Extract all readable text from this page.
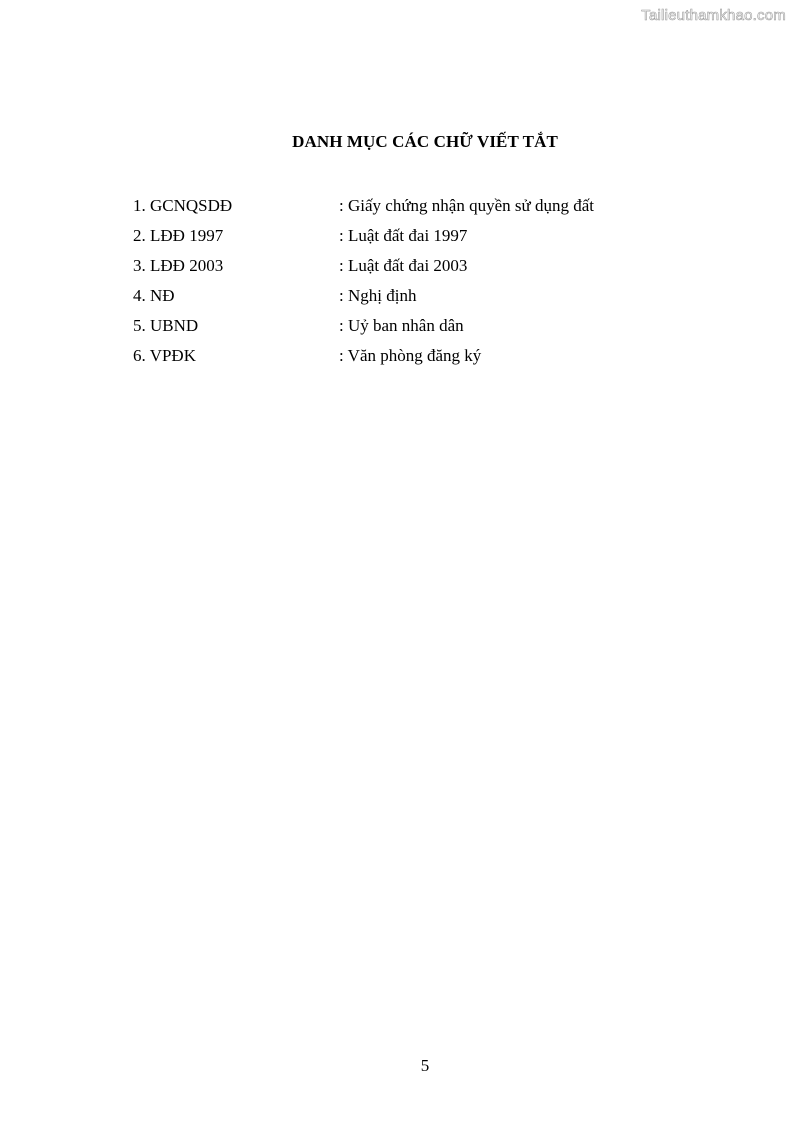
Tailieuthamkhao.com
DANH MỤC CÁC CHỮ VIẾT TẮT
1. GCNQSDĐ	: Giấy chứng nhận quyền sử dụng đất
2. LĐĐ 1997	: Luật đất đai 1997
3. LĐĐ 2003	: Luật đất đai 2003
4. NĐ	: Nghị định
5. UBND	: Uỷ ban nhân dân
6. VPĐK	: Văn phòng đăng ký
5
